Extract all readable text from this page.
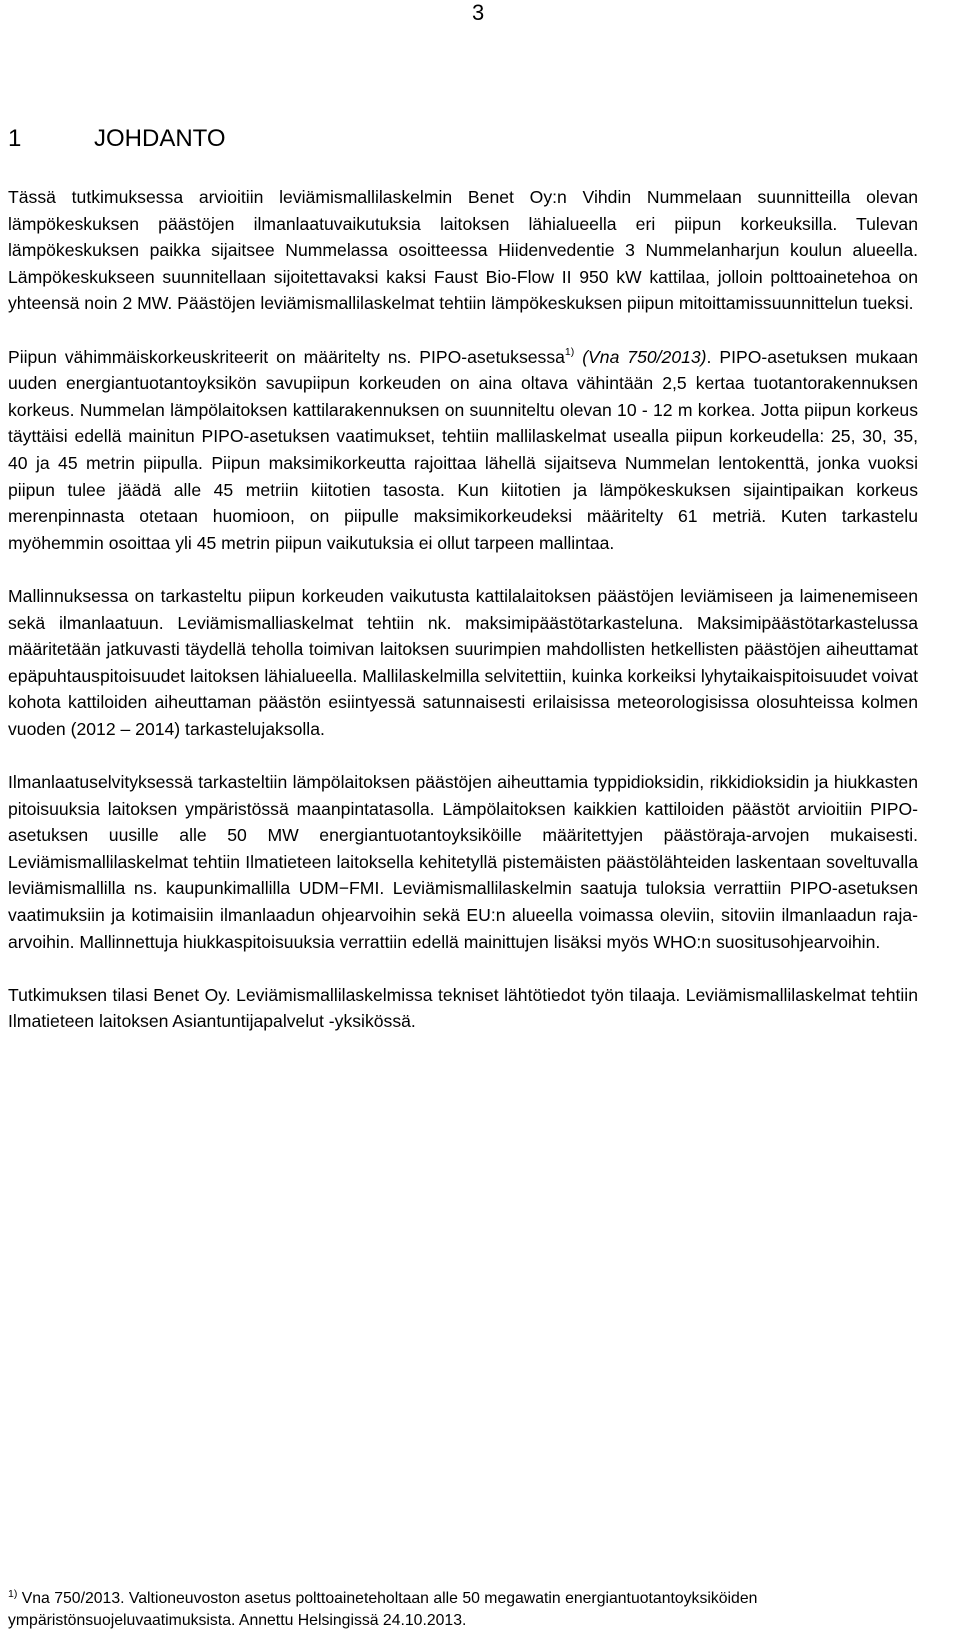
3
1	JOHDANTO

Tässä tutkimuksessa arvioitiin leviämismallilaskelmin Benet Oy:n Vihdin Nummelaan suunnitteilla olevan lämpökeskuksen päästöjen ilmanlaatuvaikutuksia laitoksen lähialueella eri piipun korkeuksilla. Tulevan lämpökeskuksen paikka sijaitsee Nummelassa osoitteessa Hiidenvedentie 3 Nummelanharjun koulun alueella. Lämpökeskukseen suunnitellaan sijoitettavaksi kaksi Faust Bio-Flow II 950 kW kattilaa, jolloin polttoainetehoa on yhteensä noin 2 MW. Päästöjen leviämismallilaskelmat tehtiin lämpökeskuksen piipun mitoittamissuunnittelun tueksi.

Piipun vähimmäiskorkeuskriteerit on määritelty ns. PIPO-asetuksessa$^{1)}$ (Vna 750/2013). PIPO-asetuksen mukaan uuden energiantuotantoyksikön savupiipun korkeuden on aina oltava vähintään 2,5 kertaa tuotantorakennuksen korkeus. Nummelan lämpölaitoksen kattilarakennuksen on suunniteltu olevan 10 - 12 m korkea. Jotta piipun korkeus täyttäisi edellä mainitun PIPO-asetuksen vaatimukset, tehtiin mallilaskelmat usealla piipun korkeudella: 25, 30, 35, 40 ja 45 metrin piipulla. Piipun maksimikorkeutta rajoittaa lähellä sijaitseva Nummelan lentokenttä, jonka vuoksi piipun tulee jäädä alle 45 metriin kiitotien tasosta. Kun kiitotien ja lämpökeskuksen sijaintipaikan korkeus merenpinnasta otetaan huomioon, on piipulle maksimikorkeudeksi määritelty 61 metriä. Kuten tarkastelu myöhemmin osoittaa yli 45 metrin piipun vaikutuksia ei ollut tarpeen mallintaa.

Mallinnuksessa on tarkasteltu piipun korkeuden vaikutusta kattilalaitoksen päästöjen leviämiseen ja laimenemiseen sekä ilmanlaatuun. Leviämismalliaskelmat tehtiin nk. maksimipäästötarkasteluna. Maksimipäästötarkastelussa määritetään jatkuvasti täydellä teholla toimivan laitoksen suurimpien mahdollisten hetkellisten päästöjen aiheuttamat epäpuhtauspitoisuudet laitoksen lähialueella. Mallilaskelmilla selvitettiin, kuinka korkeiksi lyhytaikaispitoisuudet voivat kohota kattiloiden aiheuttaman päästön esiintyessä satunnaisesti erilaisissa meteorologisissa olosuhteissa kolmen vuoden (2012 – 2014) tarkastelujaksolla.

Ilmanlaatuselvityksessä tarkasteltiin lämpölaitoksen päästöjen aiheuttamia typpidioksidin, rikkidioksidin ja hiukkasten pitoisuuksia laitoksen ympäristössä maanpintatasolla. Lämpölaitoksen kaikkien kattiloiden päästöt arvioitiin PIPO-asetuksen uusille alle 50 MW energiantuotantoyksiköille määritettyjen päästöraja-arvojen mukaisesti. Leviämismallilaskelmat tehtiin Ilmatieteen laitoksella kehitetyllä pistemäisten päästölähteiden laskentaan soveltuvalla leviämismallilla ns. kaupunkimallilla UDM−FMI. Leviämismallilaskelmin saatuja tuloksia verrattiin PIPO-asetuksen vaatimuksiin ja kotimaisiin ilmanlaadun ohjearvoihin sekä EU:n alueella voimassa oleviin, sitoviin ilmanlaadun raja-arvoihin. Mallinnettuja hiukkaspitoisuuksia verrattiin edellä mainittujen lisäksi myös WHO:n suositusohjearvoihin.

Tutkimuksen tilasi Benet Oy. Leviämismallilaskelmissa tekniset lähtötiedot työn tilaaja. Leviämismallilaskelmat tehtiin Ilmatieteen laitoksen Asiantuntijapalvelut -yksikössä.

$^{1)}$ Vna 750/2013. Valtioneuvoston asetus polttoaineteholtaan alle 50 megawatin energiantuotantoyksiköiden ympäristönsuojeluvaatimuksista. Annettu Helsingissä 24.10.2013.
